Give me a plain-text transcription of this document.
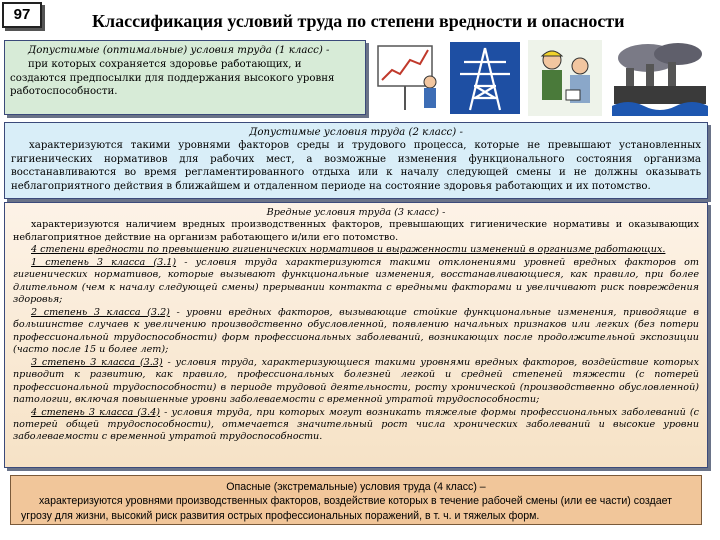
97	Классификация условий труда по степени вредности и опасности

Допустимые (оптимальные) условия труда (1 класс) -

при которых сохраняется здоровье работающих, и создаются предпосылки для поддержания высокого уровня работоспособности.

Допустимые условия труда (2 класс) -

характеризуются такими уровнями факторов среды и трудового процесса, которые не превышают установленных гигиенических нормативов для рабочих мест, а возможные изменения функционального состояния организма восстанавливаются во время регламентированного отдыха или к началу следующей смены и не должны оказывать неблагоприятного действия в ближайшем и отдаленном периоде на состояние здоровья работающих и их потомство.

Вредные условия труда (3 класс) -

характеризуются наличием вредных производственных факторов, превышающих гигиенические нормативы и оказывающих неблагоприятное действие на организм работающего и/или его потомство.

4 степени вредности по превышению гигиенических нормативов и выраженности изменений в организме работающих.

1 степень 3 класса (3.1) - условия труда характеризуются такими отклонениями уровней вредных факторов от гигиенических нормативов, которые вызывают функциональные изменения, восстанавливающиеся, как правило, при более длительном (чем к началу следующей смены) прерывании контакта с вредными факторами и увеличивают риск повреждения здоровья;

2 степень 3 класса (3.2) - уровни вредных факторов, вызывающие стойкие функциональные изменения, приводящие в большинстве случаев к увеличению производственно обусловленной, появлению начальных признаков или легких (без потери профессиональной трудоспособности) форм профессиональных заболеваний, возникающих после продолжительной экспозиции (часто после 15 и более лет);

3 степень 3 класса (3.3) - условия труда, характеризующиеся такими уровнями вредных факторов, воздействие которых приводит к развитию, как правило, профессиональных болезней легкой и средней степеней тяжести (с потерей профессиональной трудоспособности) в периоде трудовой деятельности, росту хронической (производственно обусловленной) патологии, включая повышенные уровни заболеваемости с временной утратой трудоспособности;

4 степень 3 класса (3.4) - условия труда, при которых могут возникать тяжелые формы профессиональных заболеваний (с потерей общей трудоспособности), отмечается значительный рост числа хронических заболеваний и высокие уровни заболеваемости с временной утратой трудоспособности.

Опасные (экстремальные) условия труда (4 класс) –

характеризуются уровнями производственных факторов, воздействие которых в течение рабочей смены (или ее части) создает угрозу для жизни, высокий риск развития острых профессиональных поражений, в т. ч. и тяжелых форм.
